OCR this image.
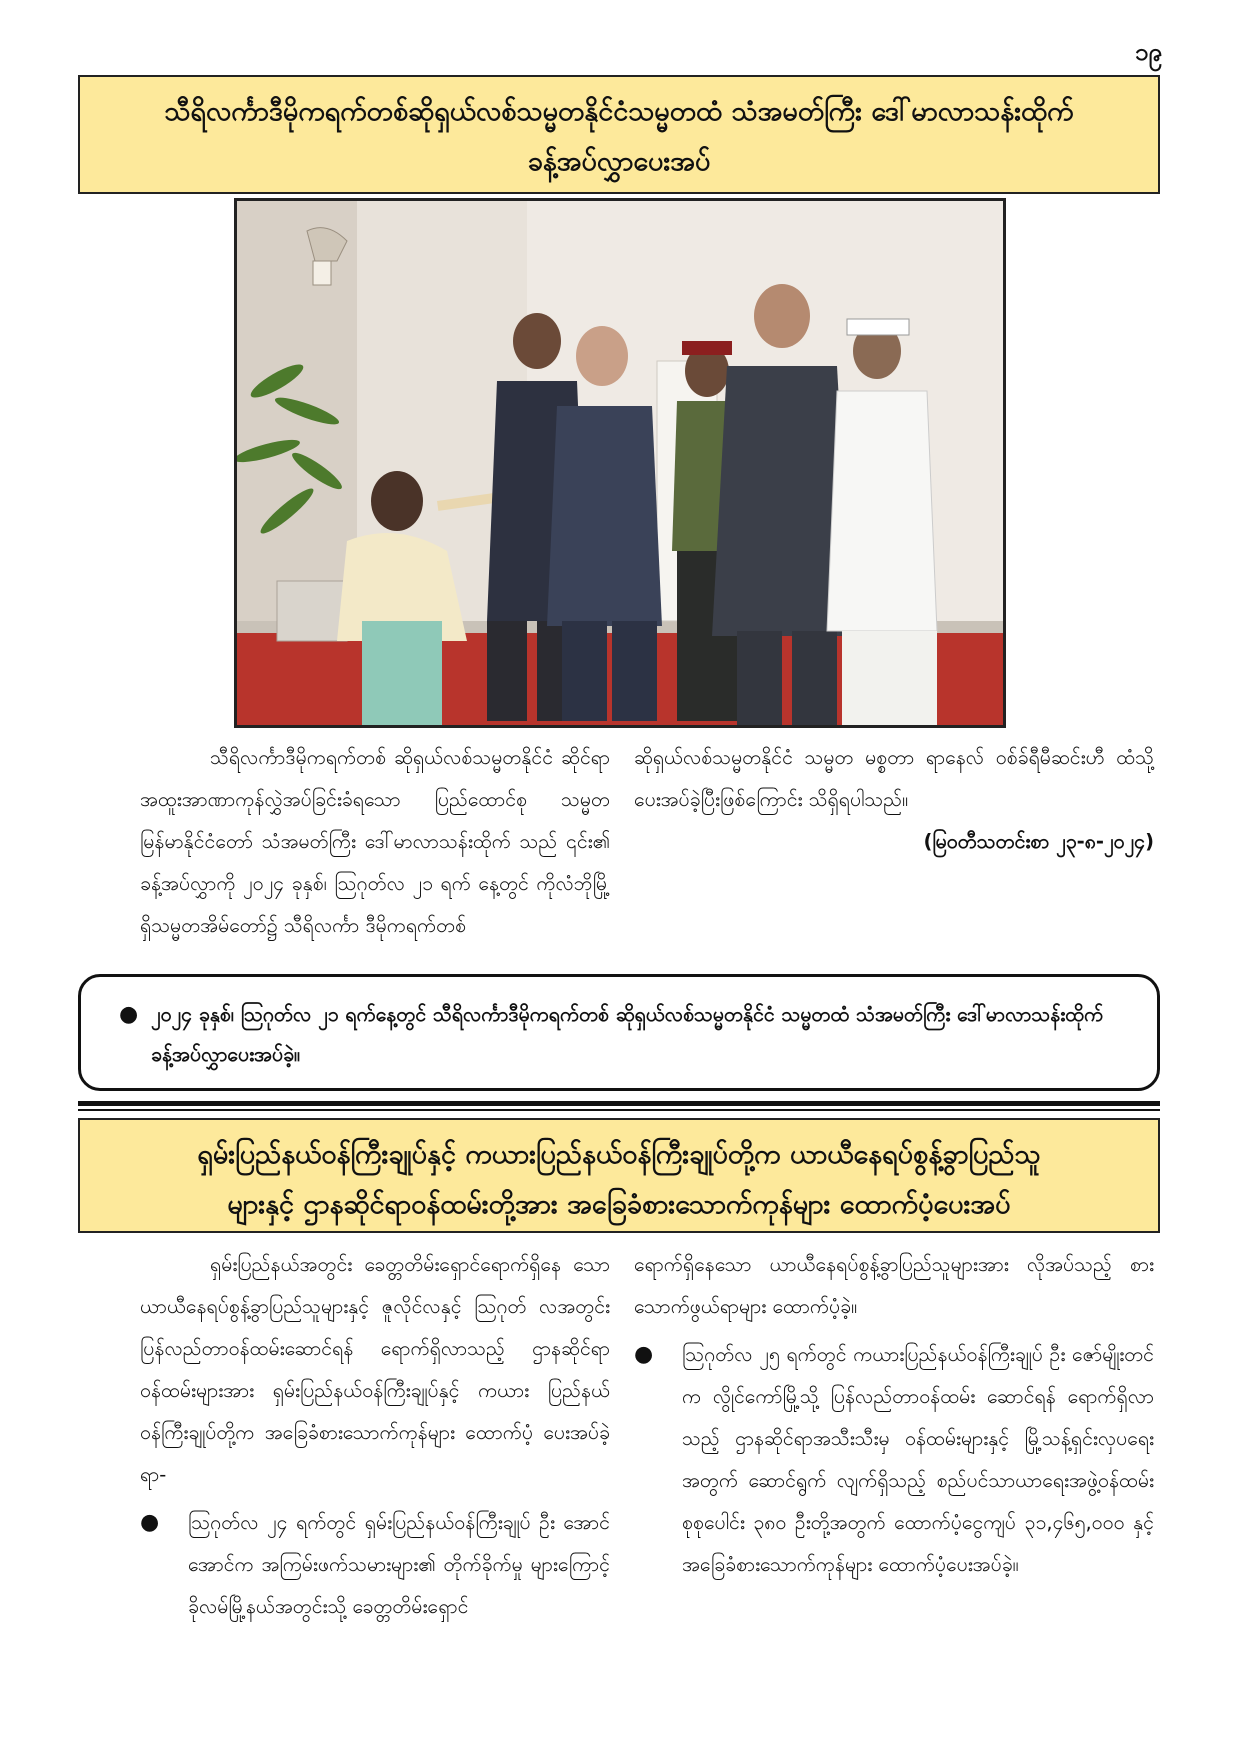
၁၉
သီရိလင်္ကာဒီမိုကရက်တစ်ဆိုရှယ်လစ်သမ္မတနိုင်ငံသမ္မတထံ သံအမတ်ကြီး ဒေါ်မာလာသန်းထိုက်
ခန့်အပ်လွှာပေးအပ်

သီရိလင်္ကာဒီမိုကရက်တစ် ဆိုရှယ်လစ်သမ္မတနိုင်ငံ ဆိုင်ရာ အထူးအာဏာကုန်လွှဲအပ်ခြင်းခံရသော ပြည်ထောင်စု သမ္မတမြန်မာနိုင်ငံတော် သံအမတ်ကြီး ဒေါ်မာလာသန်းထိုက် သည် ၎င်း၏ ခန့်အပ်လွှာကို ၂၀၂၄ ခုနှစ်၊ ဩဂုတ်လ ၂၁ ရက် နေ့တွင် ကိုလံဘိုမြို့ရှိသမ္မတအိမ်တော်၌ သီရိလင်္ကာ ဒီမိုကရက်တစ်

ဆိုရှယ်လစ်သမ္မတနိုင်ငံ သမ္မတ မစ္စတာ ရာနေလ် ဝစ်ခ်ရီမီဆင်းဟီ ထံသို့ ပေးအပ်ခဲ့ပြီးဖြစ်ကြောင်း သိရှိရပါသည်။

(မြဝတီသတင်းစာ ၂၃-၈-၂၀၂၄)

● ၂၀၂၄ ခုနှစ်၊ ဩဂုတ်လ ၂၁ ရက်နေ့တွင် သီရိလင်္ကာဒီမိုကရက်တစ် ဆိုရှယ်လစ်သမ္မတနိုင်ငံ သမ္မတထံ သံအမတ်ကြီး ဒေါ်မာလာသန်းထိုက် ခန့်အပ်လွှာပေးအပ်ခဲ့။
ရှမ်းပြည်နယ်ဝန်ကြီးချုပ်နှင့် ကယားပြည်နယ်ဝန်ကြီးချုပ်တို့က ယာယီနေရပ်စွန့်ခွာပြည်သူ
များနှင့် ဌာနဆိုင်ရာဝန်ထမ်းတို့အား အခြေခံစားသောက်ကုန်များ ထောက်ပံ့ပေးအပ်

ရှမ်းပြည်နယ်အတွင်း ခေတ္တတိမ်းရှောင်ရောက်ရှိနေ သော ယာယီနေရပ်စွန့်ခွာပြည်သူများနှင့် ဇူလိုင်လနှင့် ဩဂုတ် လအတွင်း ပြန်လည်တာဝန်ထမ်းဆောင်ရန် ရောက်ရှိလာသည့် ဌာနဆိုင်ရာဝန်ထမ်းများအား ရှမ်းပြည်နယ်ဝန်ကြီးချုပ်နှင့် ကယား ပြည်နယ်ဝန်ကြီးချုပ်တို့က အခြေခံစားသောက်ကုန်များ ထောက်ပံ့ ပေးအပ်ခဲ့ရာ-

● ဩဂုတ်လ ၂၄ ရက်တွင် ရှမ်းပြည်နယ်ဝန်ကြီးချုပ် ဦး အောင်အောင်က အကြမ်းဖက်သမားများ၏ တိုက်ခိုက်မှု များကြောင့် ခိုလမ်မြို့နယ်အတွင်းသို့ ခေတ္တတိမ်းရှောင်

ရောက်ရှိနေသော ယာယီနေရပ်စွန့်ခွာပြည်သူများအား လိုအပ်သည့် စားသောက်ဖွယ်ရာများ ထောက်ပံ့ခဲ့။

● ဩဂုတ်လ ၂၅ ရက်တွင် ကယားပြည်နယ်ဝန်ကြီးချုပ် ဦး ဇော်မျိုးတင်က လွိုင်ကော်မြို့သို့ ပြန်လည်တာဝန်ထမ်း ဆောင်ရန် ရောက်ရှိလာသည့် ဌာနဆိုင်ရာအသီးသီးမှ ဝန်ထမ်းများနှင့် မြို့သန့်ရှင်းလှပရေးအတွက် ဆောင်ရွက် လျက်ရှိသည့် စည်ပင်သာယာရေးအဖွဲ့ဝန်ထမ်း စုစုပေါင်း ၃၈၀ ဦးတို့အတွက် ထောက်ပံ့ငွေကျပ် ၃၁,၄၆၅,၀၀၀ နှင့် အခြေခံစားသောက်ကုန်များ ထောက်ပံ့ပေးအပ်ခဲ့။
